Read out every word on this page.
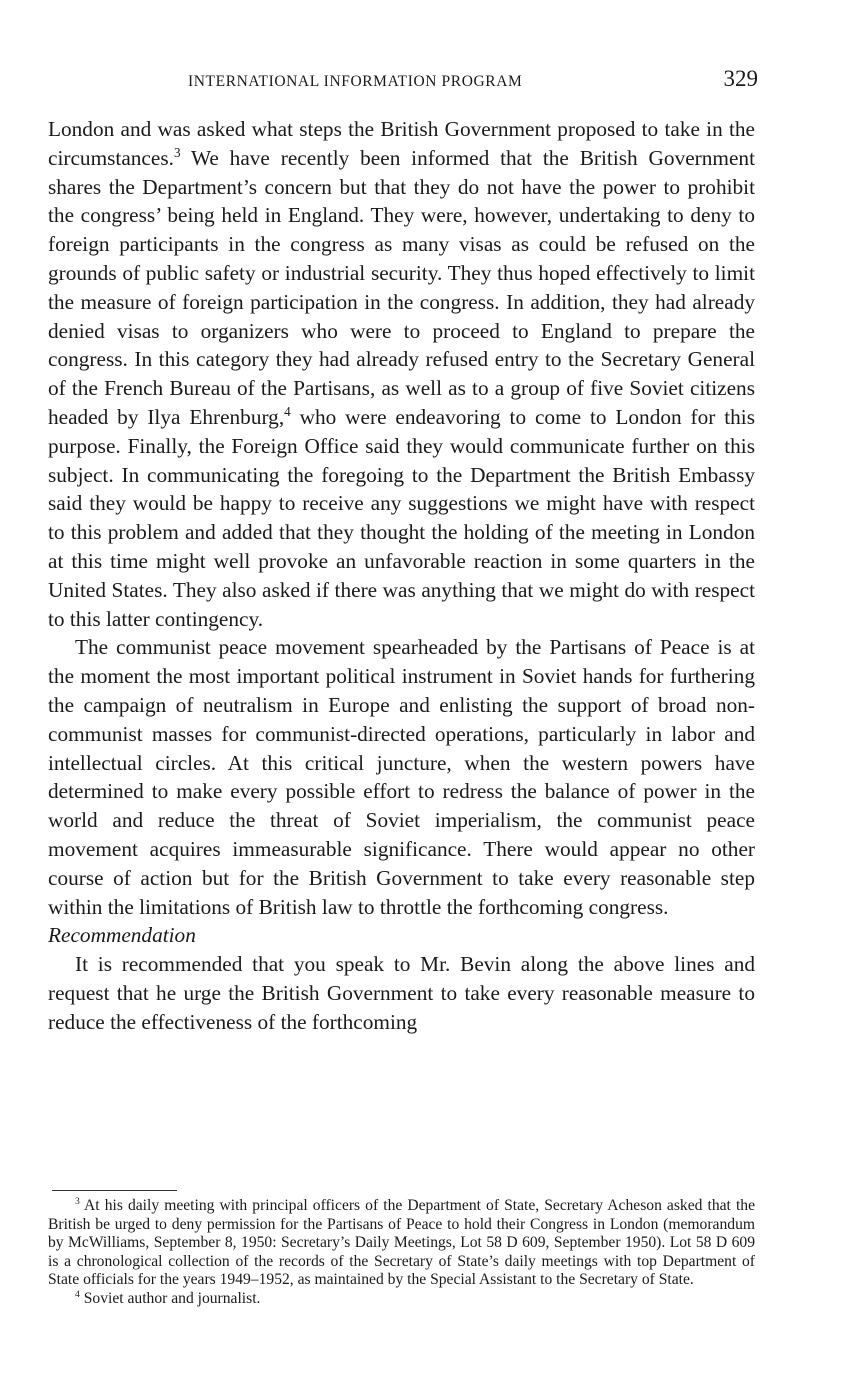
INTERNATIONAL INFORMATION PROGRAM	329

London and was asked what steps the British Government proposed to take in the circumstances.$^3$ We have recently been informed that the British Government shares the Department’s concern but that they do not have the power to prohibit the congress’ being held in England. They were, however, undertaking to deny to foreign participants in the congress as many visas as could be refused on the grounds of public safety or industrial security. They thus hoped effectively to limit the measure of foreign participation in the congress. In addition, they had already denied visas to organizers who were to proceed to England to prepare the congress. In this category they had already refused entry to the Secretary General of the French Bureau of the Partisans, as well as to a group of five Soviet citizens headed by Ilya Ehrenburg,$^4$ who were endeavoring to come to London for this purpose. Finally, the Foreign Office said they would communicate further on this subject. In communicating the foregoing to the Department the British Embassy said they would be happy to receive any suggestions we might have with respect to this problem and added that they thought the holding of the meeting in London at this time might well provoke an unfavorable reaction in some quarters in the United States. They also asked if there was anything that we might do with respect to this latter contingency.

The communist peace movement spearheaded by the Partisans of Peace is at the moment the most important political instrument in Soviet hands for furthering the campaign of neutralism in Europe and enlisting the support of broad non-communist masses for communist-directed operations, particularly in labor and intellectual circles. At this critical juncture, when the western powers have determined to make every possible effort to redress the balance of power in the world and reduce the threat of Soviet imperialism, the communist peace movement acquires immeasurable significance. There would appear no other course of action but for the British Government to take every reasonable step within the limitations of British law to throttle the forthcoming congress.

Recommendation

It is recommended that you speak to Mr. Bevin along the above lines and request that he urge the British Government to take every reasonable measure to reduce the effectiveness of the forthcoming

$^3$ At his daily meeting with principal officers of the Department of State, Secretary Acheson asked that the British be urged to deny permission for the Partisans of Peace to hold their Congress in London (memorandum by McWilliams, September 8, 1950: Secretary’s Daily Meetings, Lot 58 D 609, September 1950). Lot 58 D 609 is a chronological collection of the records of the Secretary of State’s daily meetings with top Department of State officials for the years 1949–1952, as maintained by the Special Assistant to the Secretary of State.

$^4$ Soviet author and journalist.
